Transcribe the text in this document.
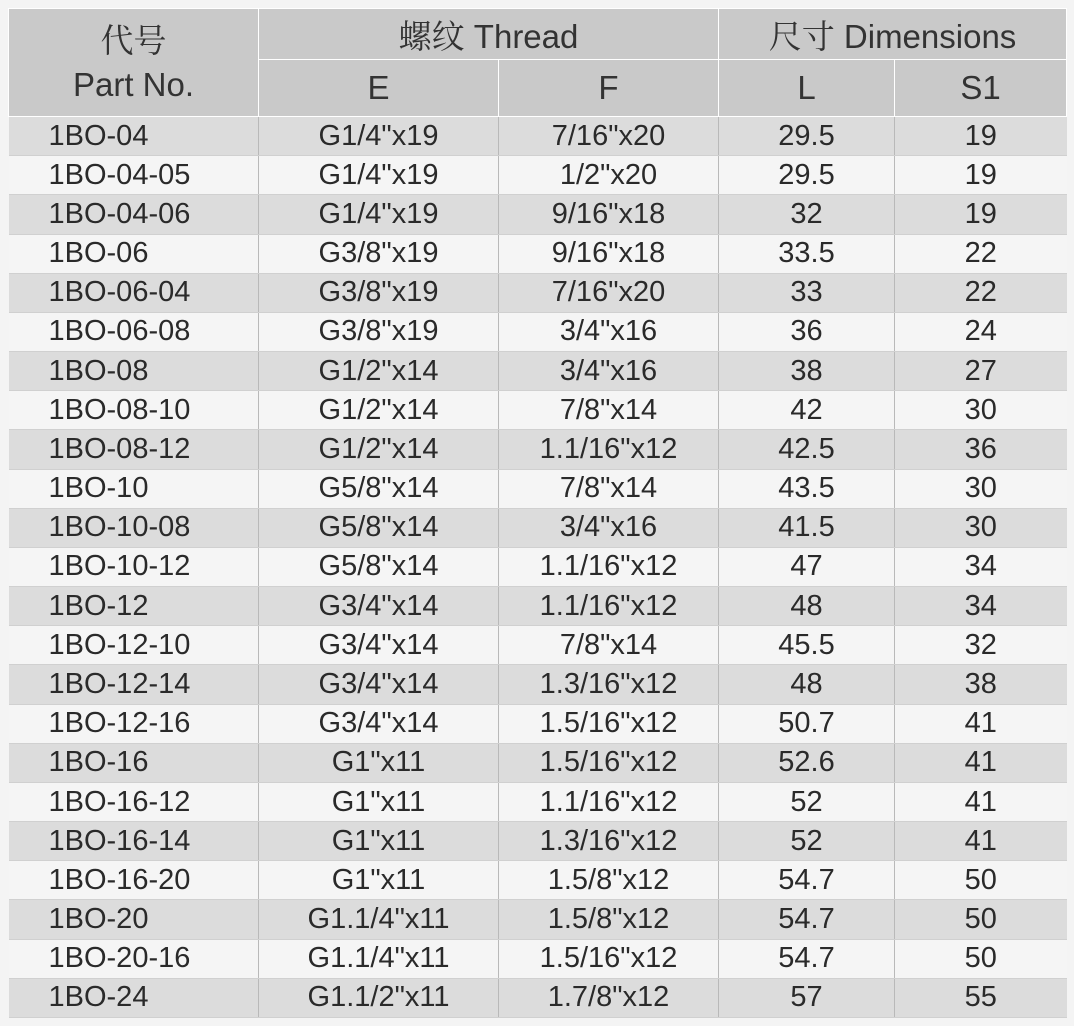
代号
Part No.	螺纹 Thread		尺寸 Dimensions	
	E	F	L	S1
1BO-04	G1/4"x19	7/16"x20	29.5	19
1BO-04-05	G1/4"x19	1/2"x20	29.5	19
1BO-04-06	G1/4"x19	9/16"x18	32	19
1BO-06	G3/8"x19	9/16"x18	33.5	22
1BO-06-04	G3/8"x19	7/16"x20	33	22
1BO-06-08	G3/8"x19	3/4"x16	36	24
1BO-08	G1/2"x14	3/4"x16	38	27
1BO-08-10	G1/2"x14	7/8"x14	42	30
1BO-08-12	G1/2"x14	1.1/16"x12	42.5	36
1BO-10	G5/8"x14	7/8"x14	43.5	30
1BO-10-08	G5/8"x14	3/4"x16	41.5	30
1BO-10-12	G5/8"x14	1.1/16"x12	47	34
1BO-12	G3/4"x14	1.1/16"x12	48	34
1BO-12-10	G3/4"x14	7/8"x14	45.5	32
1BO-12-14	G3/4"x14	1.3/16"x12	48	38
1BO-12-16	G3/4"x14	1.5/16"x12	50.7	41
1BO-16	G1"x11	1.5/16"x12	52.6	41
1BO-16-12	G1"x11	1.1/16"x12	52	41
1BO-16-14	G1"x11	1.3/16"x12	52	41
1BO-16-20	G1"x11	1.5/8"x12	54.7	50
1BO-20	G1.1/4"x11	1.5/8"x12	54.7	50
1BO-20-16	G1.1/4"x11	1.5/16"x12	54.7	50
1BO-24	G1.1/2"x11	1.7/8"x12	57	55
